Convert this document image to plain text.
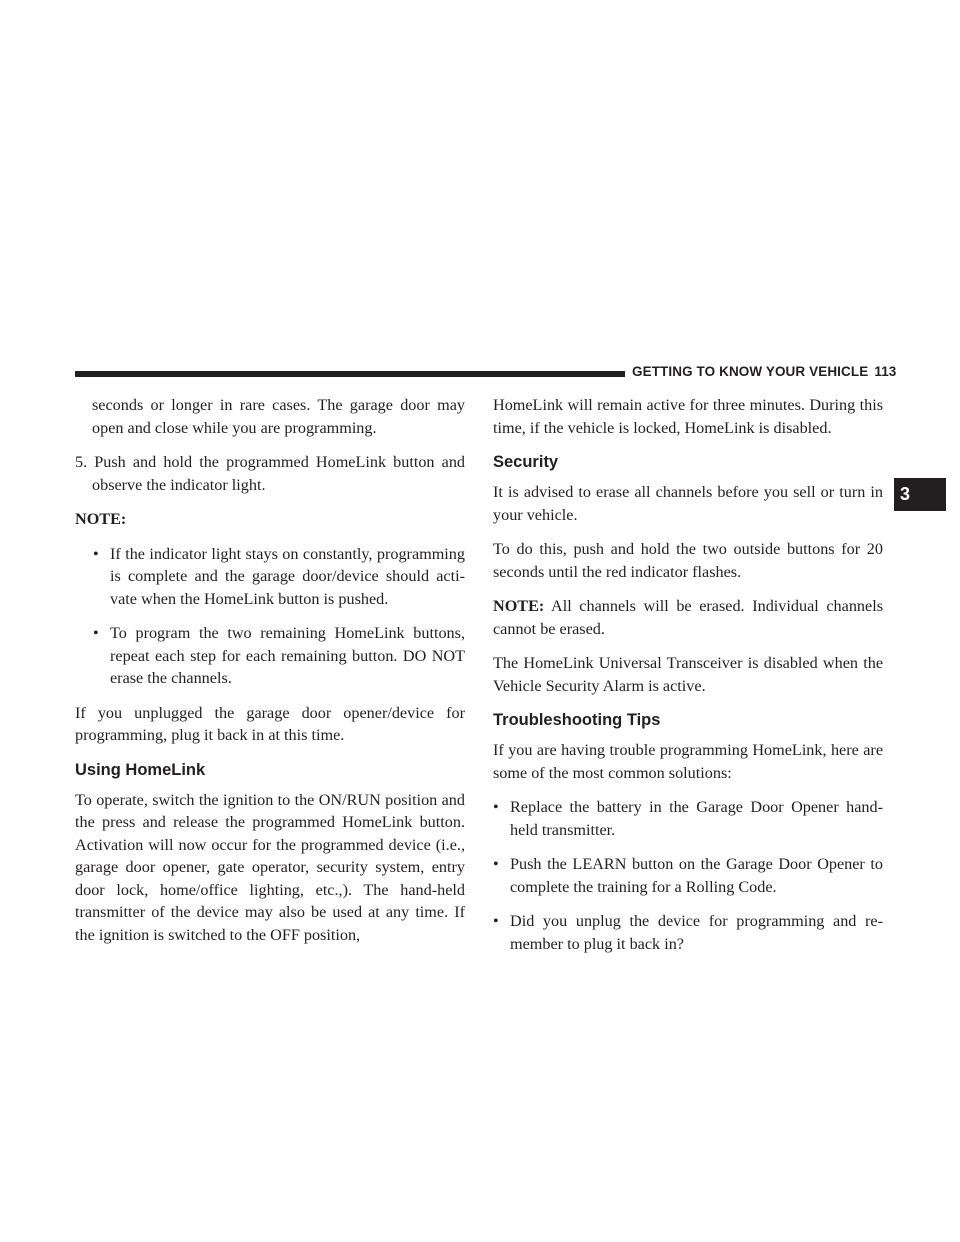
GETTING TO KNOW YOUR VEHICLE 113
3

seconds or longer in rare cases. The garage door may open and close while you are programming.

5. Push and hold the programmed HomeLink button and observe the indicator light.

NOTE:

• If the indicator light stays on constantly, programming is complete and the garage door/device should acti- vate when the HomeLink button is pushed.
• To program the two remaining HomeLink buttons, repeat each step for each remaining button. DO NOT erase the channels.

If you unplugged the garage door opener/device for programming, plug it back in at this time.

Using HomeLink

To operate, switch the ignition to the ON/RUN position and the press and release the programmed HomeLink button. Activation will now occur for the programmed device (i.e., garage door opener, gate operator, security system, entry door lock, home/office lighting, etc.,). The hand-held transmitter of the device may also be used at any time. If the ignition is switched to the OFF position,

HomeLink will remain active for three minutes. During this time, if the vehicle is locked, HomeLink is disabled.

Security

It is advised to erase all channels before you sell or turn in your vehicle.

To do this, push and hold the two outside buttons for 20 seconds until the red indicator flashes.

NOTE: All channels will be erased. Individual channels cannot be erased.

The HomeLink Universal Transceiver is disabled when the Vehicle Security Alarm is active.

Troubleshooting Tips

If you are having trouble programming HomeLink, here are some of the most common solutions:

• Replace the battery in the Garage Door Opener hand- held transmitter.
• Push the LEARN button on the Garage Door Opener to complete the training for a Rolling Code.
• Did you unplug the device for programming and re- member to plug it back in?
